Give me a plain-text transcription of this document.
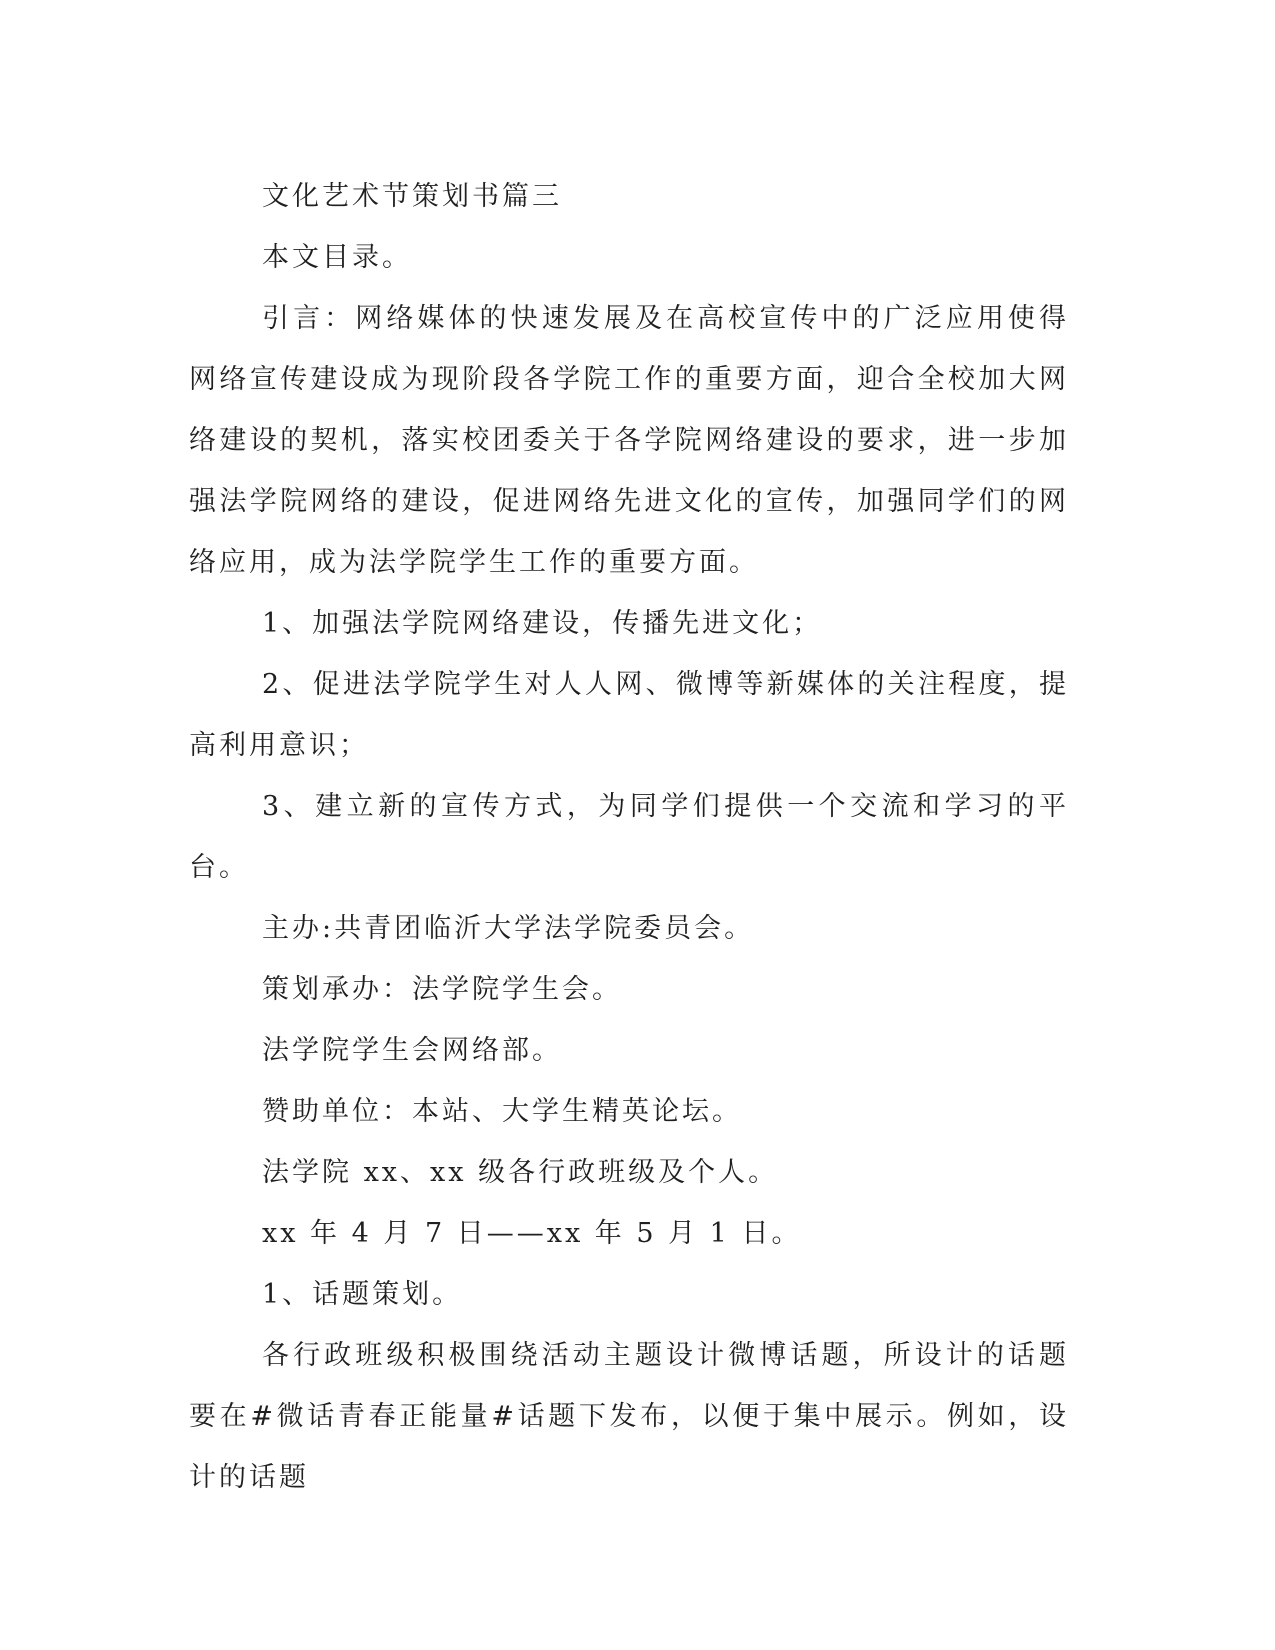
文化艺术节策划书篇三

本文目录。

引言：网络媒体的快速发展及在高校宣传中的广泛应用使得网络宣传建设成为现阶段各学院工作的重要方面，迎合全校加大网络建设的契机，落实校团委关于各学院网络建设的要求，进一步加强法学院网络的建设，促进网络先进文化的宣传，加强同学们的网络应用，成为法学院学生工作的重要方面。

1、加强法学院网络建设，传播先进文化；

2、促进法学院学生对人人网、微博等新媒体的关注程度，提高利用意识；

3、建立新的宣传方式，为同学们提供一个交流和学习的平台。

主办:共青团临沂大学法学院委员会。

策划承办：法学院学生会。

法学院学生会网络部。

赞助单位：本站、大学生精英论坛。

法学院 xx、xx 级各行政班级及个人。

xx 年 4 月 7 日——xx 年 5 月 1 日。

1、话题策划。

各行政班级积极围绕活动主题设计微博话题，所设计的话题要在#微话青春正能量#话题下发布，以便于集中展示。例如，设计的话题
